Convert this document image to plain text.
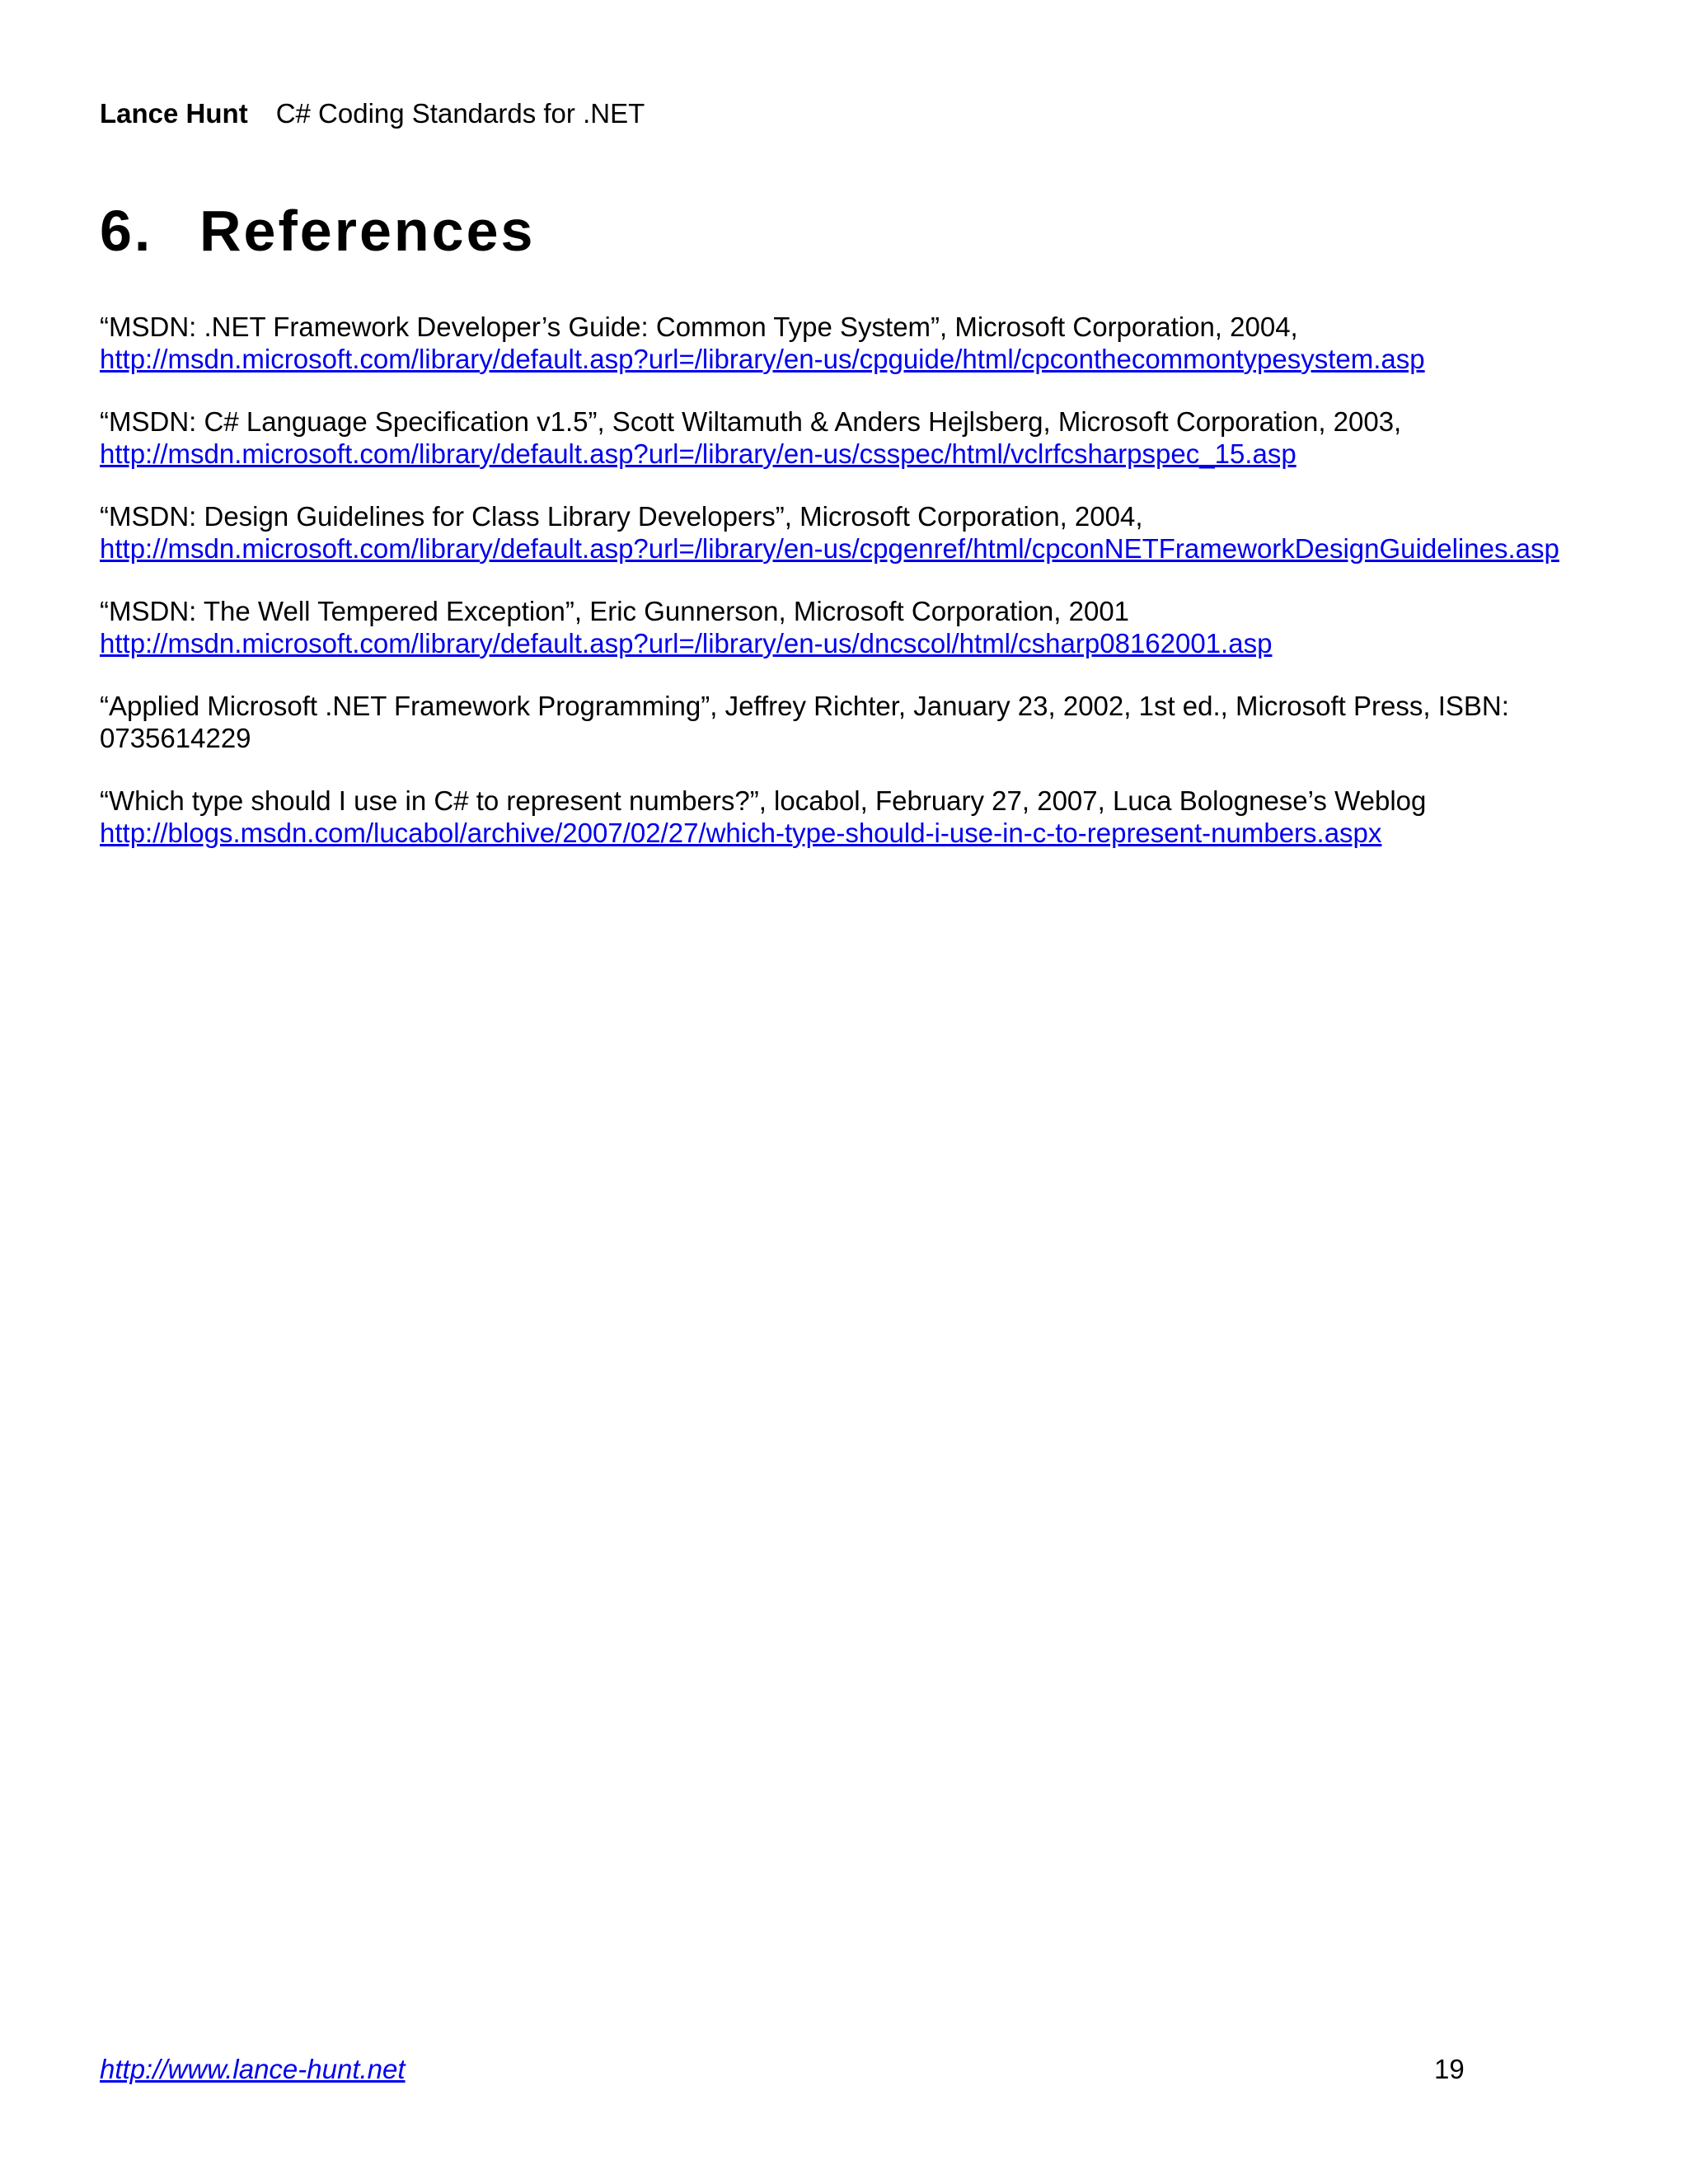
Lance Hunt C# Coding Standards for .NET
6. References

“MSDN: .NET Framework Developer’s Guide: Common Type System”, Microsoft Corporation, 2004,
http://msdn.microsoft.com/library/default.asp?url=/library/en-us/cpguide/html/cpconthecommontypesystem.asp

“MSDN: C# Language Specification v1.5”, Scott Wiltamuth & Anders Hejlsberg, Microsoft Corporation, 2003,
http://msdn.microsoft.com/library/default.asp?url=/library/en-us/csspec/html/vclrfcsharpspec_15.asp

“MSDN: Design Guidelines for Class Library Developers”, Microsoft Corporation, 2004,
http://msdn.microsoft.com/library/default.asp?url=/library/en-us/cpgenref/html/cpconNETFrameworkDesignGuidelines.asp

“MSDN: The Well Tempered Exception”, Eric Gunnerson, Microsoft Corporation, 2001
http://msdn.microsoft.com/library/default.asp?url=/library/en-us/dncscol/html/csharp08162001.asp

“Applied Microsoft .NET Framework Programming”, Jeffrey Richter, January 23, 2002, 1st ed., Microsoft Press, ISBN: 0735614229

“Which type should I use in C# to represent numbers?”, locabol, February 27, 2007, Luca Bolognese’s Weblog
http://blogs.msdn.com/lucabol/archive/2007/02/27/which-type-should-i-use-in-c-to-represent-numbers.aspx

http://www.lance-hunt.net	19
